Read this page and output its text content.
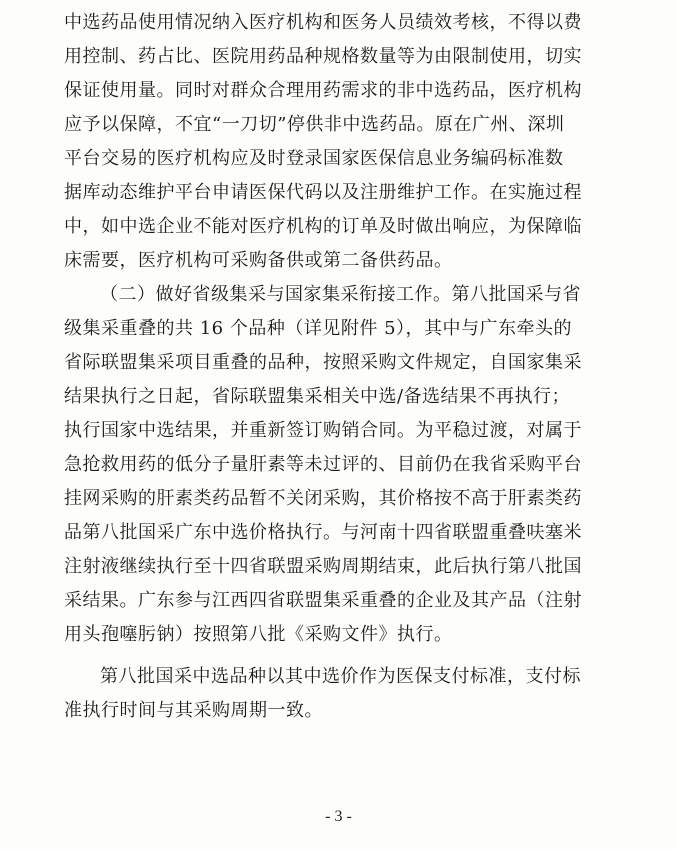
中选药品使用情况纳入医疗机构和医务人员绩效考核，不得以费
用控制、药占比、医院用药品种规格数量等为由限制使用，切实
保证使用量。同时对群众合理用药需求的非中选药品，医疗机构
应予以保障，不宜“一刀切”停供非中选药品。原在广州、深圳
平台交易的医疗机构应及时登录国家医保信息业务编码标准数
据库动态维护平台申请医保代码以及注册维护工作。在实施过程
中，如中选企业不能对医疗机构的订单及时做出响应，为保障临
床需要，医疗机构可采购备供或第二备供药品。

（二）做好省级集采与国家集采衔接工作。第八批国采与省
级集采重叠的共 16 个品种（详见附件 5），其中与广东牵头的
省际联盟集采项目重叠的品种，按照采购文件规定，自国家集采
结果执行之日起，省际联盟集采相关中选/备选结果不再执行；
执行国家中选结果，并重新签订购销合同。为平稳过渡，对属于
急抢救用药的低分子量肝素等未过评的、目前仍在我省采购平台
挂网采购的肝素类药品暂不关闭采购，其价格按不高于肝素类药
品第八批国采广东中选价格执行。与河南十四省联盟重叠呋塞米
注射液继续执行至十四省联盟采购周期结束，此后执行第八批国
采结果。广东参与江西四省联盟集采重叠的企业及其产品（注射
用头孢噻肟钠）按照第八批《采购文件》执行。

第八批国采中选品种以其中选价作为医保支付标准，支付标
准执行时间与其采购周期一致。

- 3 -
